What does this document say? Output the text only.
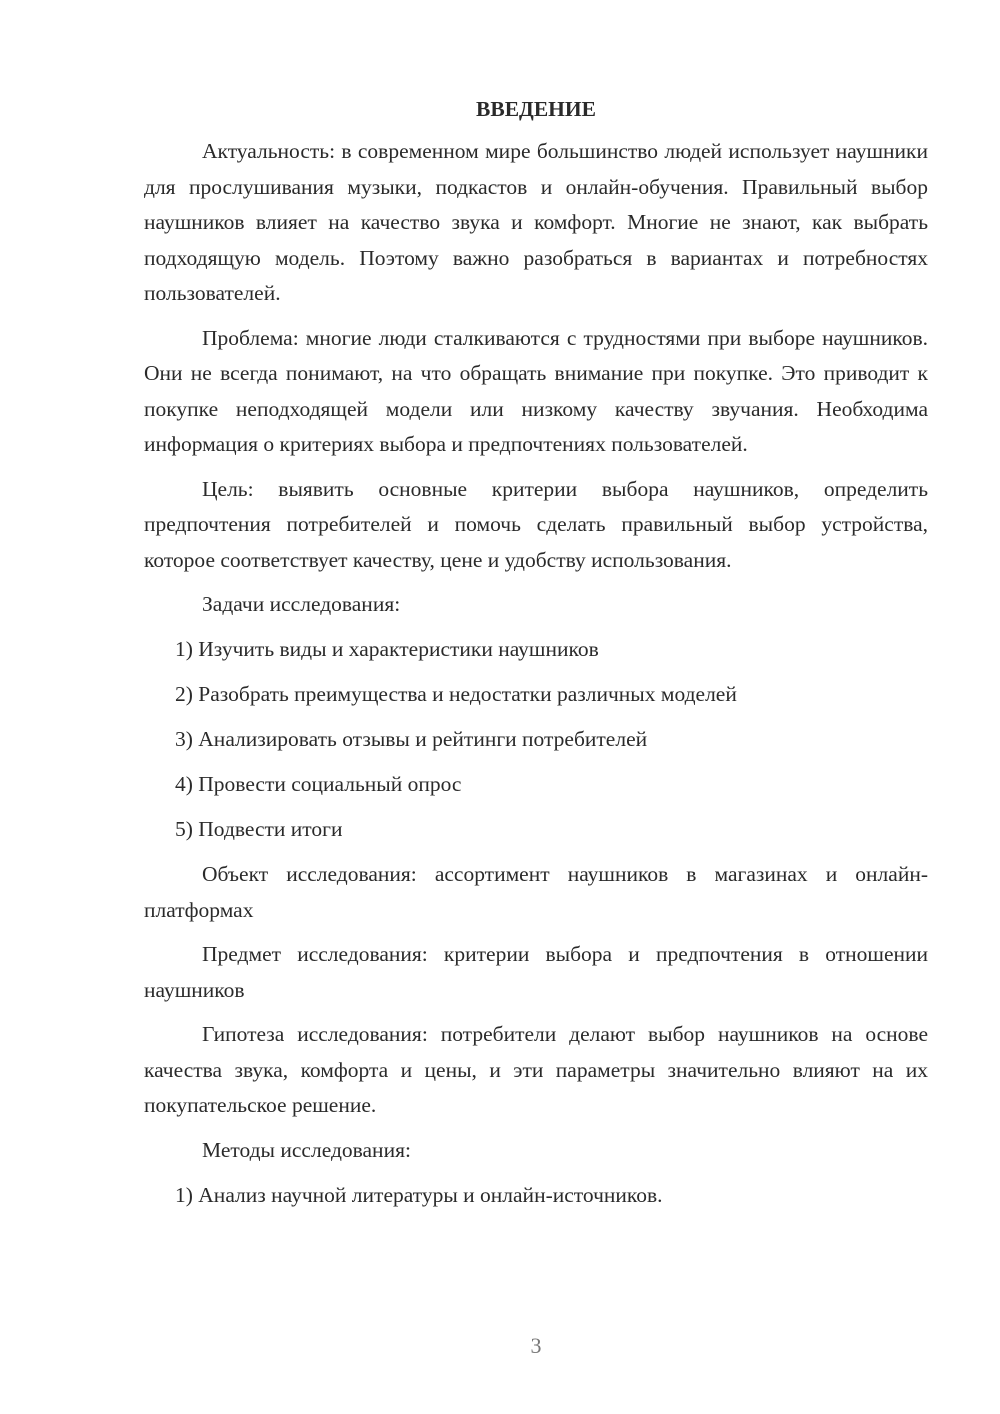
ВВЕДЕНИЕ

Актуальность: в современном мире большинство людей использует наушники для прослушивания музыки, подкастов и онлайн-обучения. Правильный выбор наушников влияет на качество звука и комфорт. Многие не знают, как выбрать подходящую модель. Поэтому важно разобраться в вариантах и потребностях пользователей.

Проблема: многие люди сталкиваются с трудностями при выборе наушников. Они не всегда понимают, на что обращать внимание при покупке. Это приводит к покупке неподходящей модели или низкому качеству звучания. Необходима информация о критериях выбора и предпочтениях пользователей.

Цель: выявить основные критерии выбора наушников, определить предпочтения потребителей и помочь сделать правильный выбор устройства, которое соответствует качеству, цене и удобству использования.

Задачи исследования:
1) Изучить виды и характеристики наушников
2) Разобрать преимущества и недостатки различных моделей
3) Анализировать отзывы и рейтинги потребителей
4) Провести социальный опрос
5) Подвести итоги

Объект исследования: ассортимент наушников в магазинах и онлайн-платформах

Предмет исследования: критерии выбора и предпочтения в отношении наушников

Гипотеза исследования: потребители делают выбор наушников на основе качества звука, комфорта и цены, и эти параметры значительно влияют на их покупательское решение.

Методы исследования:
1) Анализ научной литературы и онлайн-источников.
3
